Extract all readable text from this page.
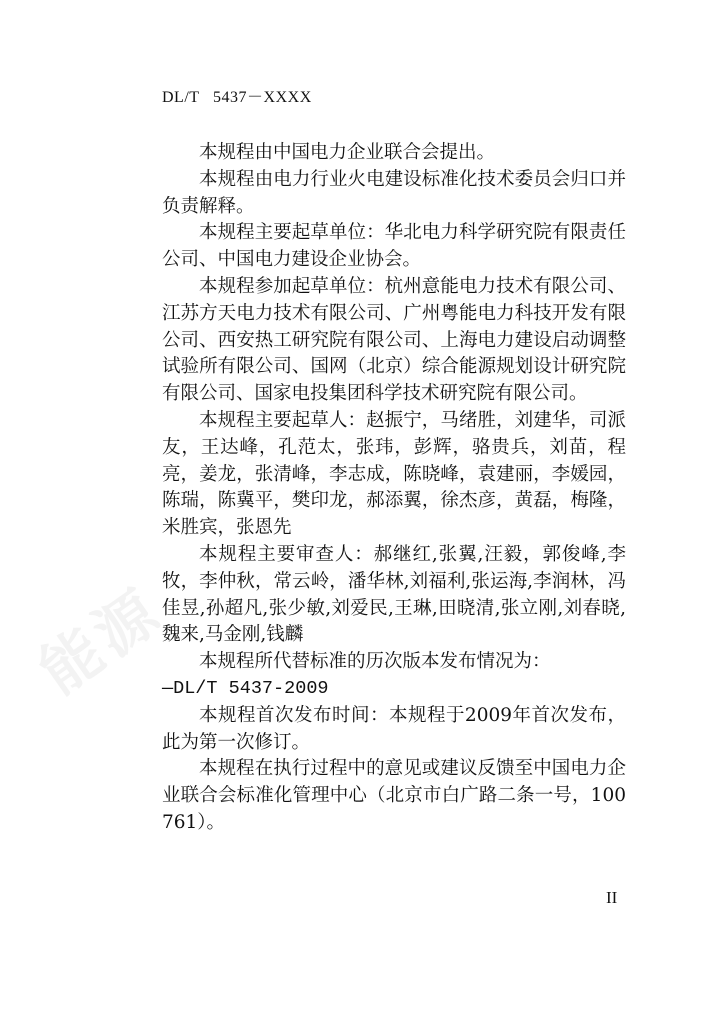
能源
DL/T   5437－XXXX

本规程由中国电力企业联合会提出。

本规程由电力行业火电建设标准化技术委员会归口并负责解释。

本规程主要起草单位：华北电力科学研究院有限责任公司、中国电力建设企业协会。

本规程参加起草单位：杭州意能电力技术有限公司、江苏方天电力技术有限公司、广州粤能电力科技开发有限公司、西安热工研究院有限公司、上海电力建设启动调整试验所有限公司、国网（北京）综合能源规划设计研究院有限公司、国家电投集团科学技术研究院有限公司。

本规程主要起草人：赵振宁，马绪胜，刘建华，司派友，王达峰，孔范太，张玮，彭辉，骆贵兵，刘苗，程亮，姜龙，张清峰，李志成，陈晓峰，袁建丽，李媛园，陈瑞，陈冀平，樊印龙，郝添翼，徐杰彦，黄磊，梅隆，米胜宾，张恩先

本规程主要审查人：郝继红,张翼,汪毅，郭俊峰,李牧，李仲秋，常云岭，潘华林,刘福利,张运海,李润林，冯佳昱,孙超凡,张少敏,刘爱民,王琳,田晓清,张立刚,刘春晓,魏来,马金刚,钱麟

本规程所代替标准的历次版本发布情况为：

—DL/T 5437-2009

本规程首次发布时间：本规程于2009年首次发布，此为第一次修订。

本规程在执行过程中的意见或建议反馈至中国电力企业联合会标准化管理中心（北京市白广路二条一号，100761）。

II
